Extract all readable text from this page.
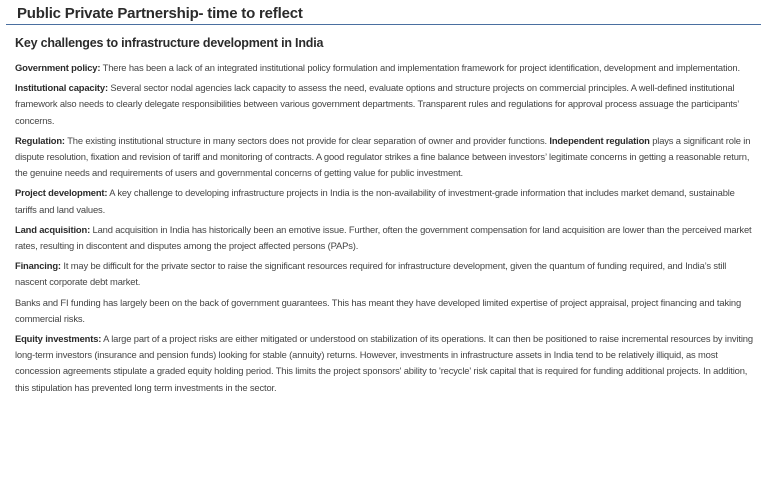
Public Private Partnership- time to reflect
Key challenges to infrastructure development in India

Government policy: There has been a lack of an integrated institutional policy formulation and implementation framework for project identification, development and implementation.

Institutional capacity: Several sector nodal agencies lack capacity to assess the need, evaluate options and structure projects on commercial principles. A well-defined institutional framework also needs to clearly delegate responsibilities between various government departments. Transparent rules and regulations for approval process assuage the participants’ concerns.

Regulation: The existing institutional structure in many sectors does not provide for clear separation of owner and provider functions. Independent regulation plays a significant role in dispute resolution, fixation and revision of tariff and monitoring of contracts. A good regulator strikes a fine balance between investors’ legitimate concerns in getting a reasonable return, the genuine needs and requirements of users and governmental concerns of getting value for public investment.

Project development: A key challenge to developing infrastructure projects in India is the non-availability of investment-grade information that includes market demand, sustainable tariffs and land values.

Land acquisition: Land acquisition in India has historically been an emotive issue. Further, often the government compensation for land acquisition are lower than the perceived market rates, resulting in discontent and disputes among the project affected persons (PAPs).

Financing: It may be difficult for the private sector to raise the significant resources required for infrastructure development, given the quantum of funding required, and India’s still nascent corporate debt market.

Banks and FI funding has largely been on the back of government guarantees. This has meant they have developed limited expertise of project appraisal, project financing and taking commercial risks.

Equity investments: A large part of a project risks are either mitigated or understood on stabilization of its operations. It can then be positioned to raise incremental resources by inviting long-term investors (insurance and pension funds) looking for stable (annuity) returns. However, investments in infrastructure assets in India tend to be relatively illiquid, as most concession agreements stipulate a graded equity holding period. This limits the project sponsors' ability to 'recycle' risk capital that is required for funding additional projects. In addition, this stipulation has prevented long term investments in the sector.
